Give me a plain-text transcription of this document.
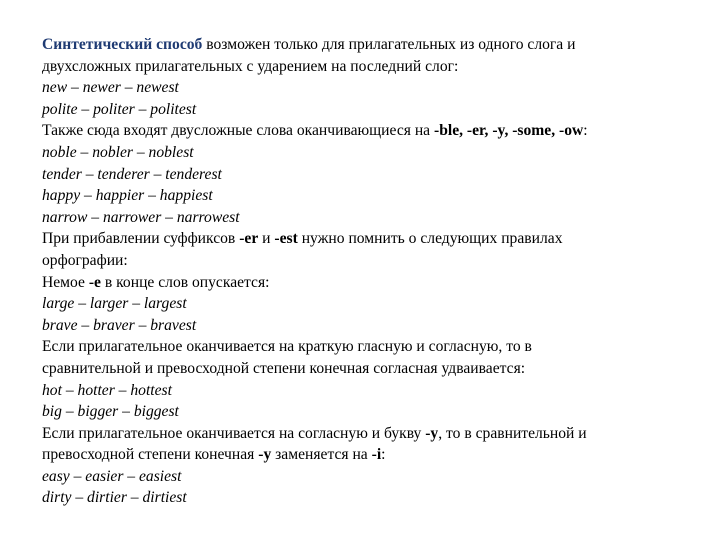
Синтетический способ возможен только для прилагательных из одного слога и
двухсложных прилагательных с ударением на последний слог:
new – newer – newest
polite – politer – politest
Также сюда входят двусложные слова оканчивающиеся на -ble, -er, -y, -some, -ow:
noble – nobler – noblest
tender – tenderer – tenderest
happy – happier – happiest
narrow – narrower – narrowest
При прибавлении суффиксов -er и -est нужно помнить о следующих правилах
орфографии:
Немое -е в конце слов опускается:
large – larger – largest
brave – braver – bravest
Если прилагательное оканчивается на краткую гласную и согласную, то в
сравнительной и превосходной степени конечная согласная удваивается:
hot – hotter – hottest
big – bigger – biggest
Если прилагательное оканчивается на согласную и букву -y, то в сравнительной и
превосходной степени конечная -y заменяется на -i:
easy – easier – easiest
dirty – dirtier – dirtiest
